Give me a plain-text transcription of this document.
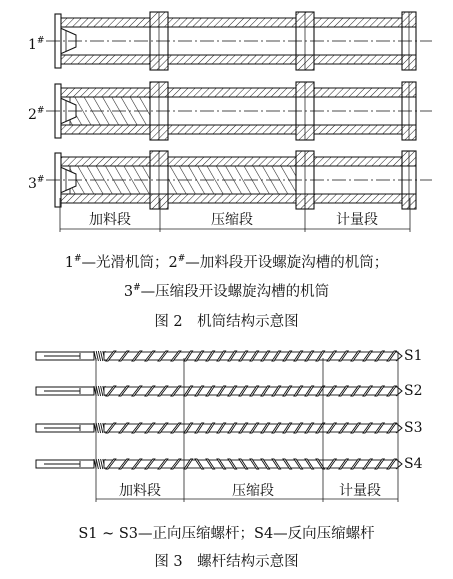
1#
2#
3#
加料段	压缩段	计量段
S1
S2
S3
S4
加料段	压缩段	计量段
1#—光滑机筒；2#—加料段开设螺旋沟槽的机筒；
3#—压缩段开设螺旋沟槽的机筒
图 2　机筒结构示意图
S1 ~ S3—正向压缩螺杆；S4—反向压缩螺杆
图 3　螺杆结构示意图
